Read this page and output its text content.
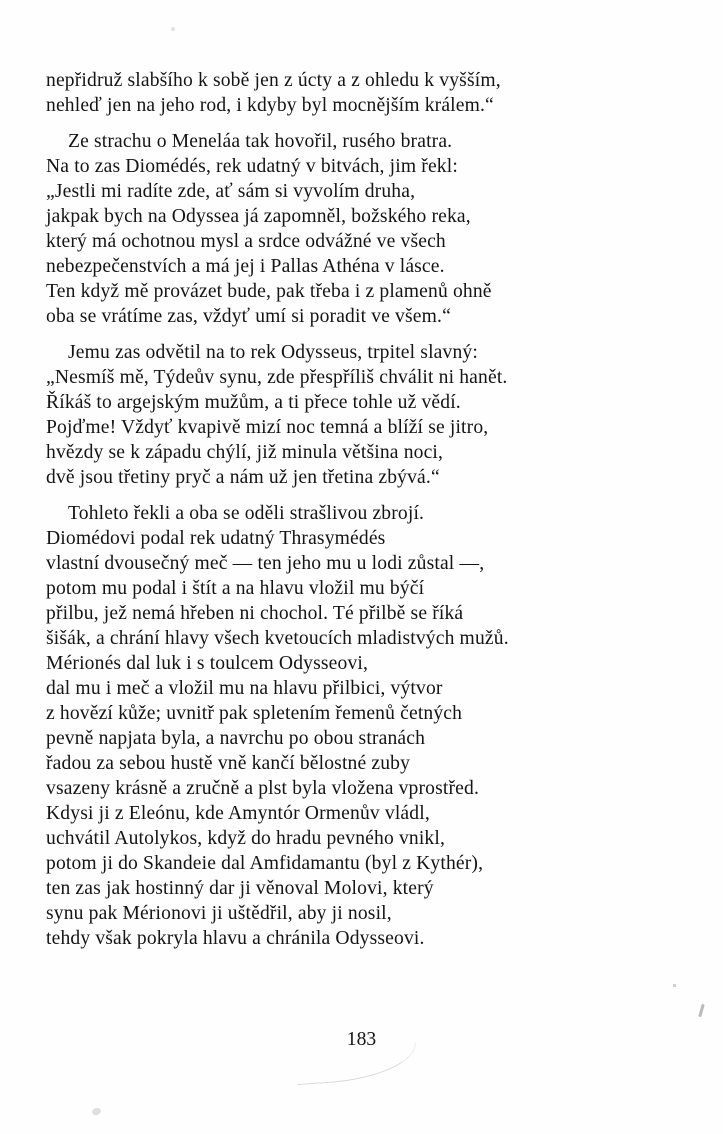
nepřidruž slabšího k sobě jen z úcty a z ohledu k vyšším,
nehleď jen na jeho rod, i kdyby byl mocnějším králem.“
Ze strachu o Meneláa tak hovořil, rusého bratra.
Na to zas Diomédés, rek udatný v bitvách, jim řekl:
„Jestli mi radíte zde, ať sám si vyvolím druha,
jakpak bych na Odyssea já zapomněl, božského reka,
který má ochotnou mysl a srdce odvážné ve všech
nebezpečenstvích a má jej i Pallas Athéna v lásce.
Ten když mě provázet bude, pak třeba i z plamenů ohně
oba se vrátíme zas, vždyť umí si poradit ve všem.“
Jemu zas odvětil na to rek Odysseus, trpitel slavný:
„Nesmíš mě, Týdeův synu, zde přespříliš chválit ni hanět.
Říkáš to argejským mužům, a ti přece tohle už vědí.
Pojďme! Vždyť kvapivě mizí noc temná a blíží se jitro,
hvězdy se k západu chýlí, již minula většina noci,
dvě jsou třetiny pryč a nám už jen třetina zbývá.“
Tohleto řekli a oba se oděli strašlivou zbrojí.
Diomédovi podal rek udatný Thrasymédés
vlastní dvousečný meč — ten jeho mu u lodi zůstal —,
potom mu podal i štít a na hlavu vložil mu býčí
přilbu, jež nemá hřeben ni chochol. Té přilbě se říká
šišák, a chrání hlavy všech kvetoucích mladistvých mužů.
Mérionés dal luk i s toulcem Odysseovi,
dal mu i meč a vložil mu na hlavu přilbici, výtvor
z hovězí kůže; uvnitř pak spletením řemenů četných
pevně napjata byla, a navrchu po obou stranách
řadou za sebou hustě vně kančí bělostné zuby
vsazeny krásně a zručně a plst byla vložena vprostřed.
Kdysi ji z Eleónu, kde Amyntór Ormenův vládl,
uchvátil Autolykos, když do hradu pevného vnikl,
potom ji do Skandeie dal Amfidamantu (byl z Kythér),
ten zas jak hostinný dar ji věnoval Molovi, který
synu pak Mérionovi ji uštědřil, aby ji nosil,
tehdy však pokryla hlavu a chránila Odysseovi.
183
